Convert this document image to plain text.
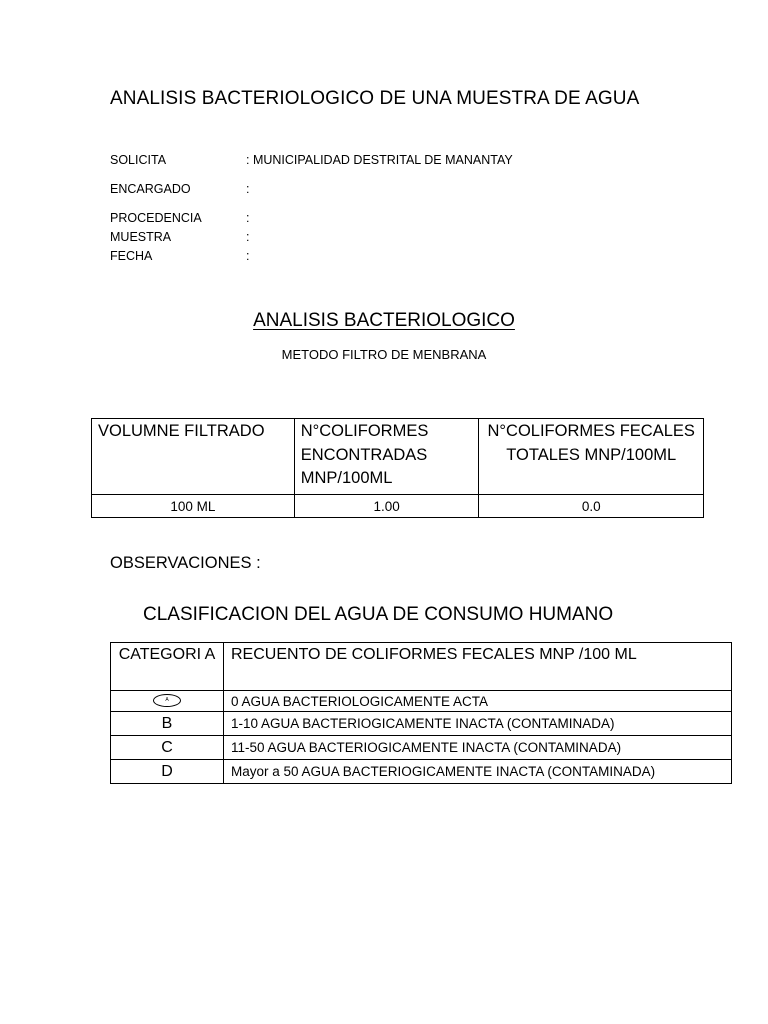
ANALISIS BACTERIOLOGICO DE UNA MUESTRA DE AGUA
SOLICITA	: MUNICIPALIDAD DESTRITAL DE MANANTAY
ENCARGADO	:
PROCEDENCIA	:
MUESTRA	:
FECHA	:
ANALISIS BACTERIOLOGICO
METODO FILTRO DE MENBRANA
VOLUMNE FILTRADO	N°COLIFORMES ENCONTRADAS MNP/100ML	N°COLIFORMES FECALES TOTALES MNP/100ML
100 ML	1.00	0.0
OBSERVACIONES :
CLASIFICACION DEL AGUA DE CONSUMO HUMANO
CATEGORI A	RECUENTO DE COLIFORMES FECALES MNP /100 ML
A	0 AGUA BACTERIOLOGICAMENTE ACTA
B	1-10 AGUA BACTERIOGICAMENTE INACTA (CONTAMINADA)
C	11-50 AGUA BACTERIOGICAMENTE INACTA (CONTAMINADA)
D	Mayor a 50 AGUA BACTERIOGICAMENTE INACTA (CONTAMINADA)
